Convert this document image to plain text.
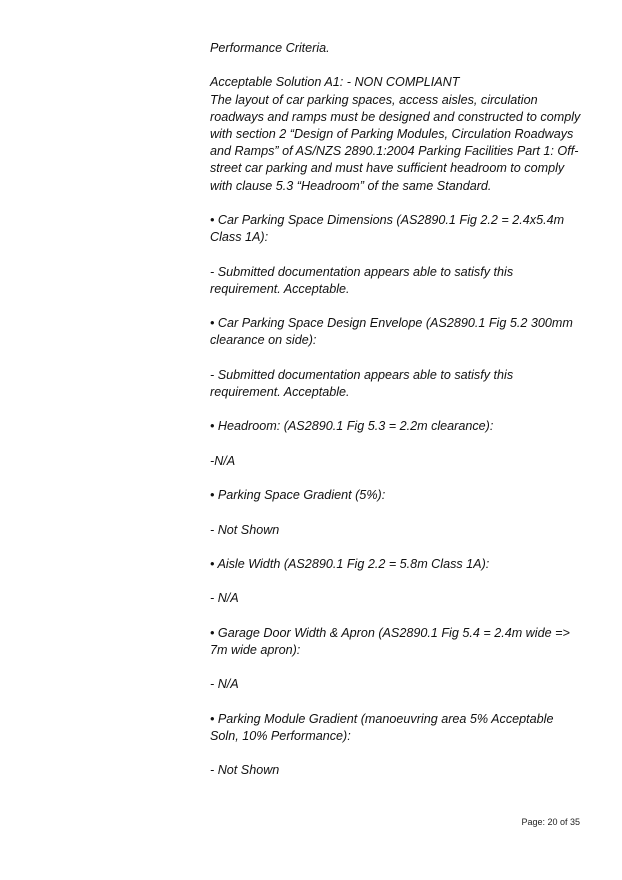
Performance Criteria.

Acceptable Solution A1: - NON COMPLIANT

The layout of car parking spaces, access aisles, circulation roadways and ramps must be designed and constructed to comply with section 2 “Design of Parking Modules, Circulation Roadways and Ramps” of AS/NZS 2890.1:2004 Parking Facilities Part 1: Off-street car parking and must have sufficient headroom to comply with clause 5.3 “Headroom” of the same Standard.

• Car Parking Space Dimensions (AS2890.1 Fig 2.2 = 2.4x5.4m Class 1A):

- Submitted documentation appears able to satisfy this requirement. Acceptable.

• Car Parking Space Design Envelope (AS2890.1 Fig 5.2 300mm clearance on side):

- Submitted documentation appears able to satisfy this requirement. Acceptable.

• Headroom: (AS2890.1 Fig 5.3 = 2.2m clearance):

-N/A

• Parking Space Gradient (5%):

- Not Shown

• Aisle Width (AS2890.1 Fig 2.2 = 5.8m Class 1A):

- N/A

• Garage Door Width & Apron (AS2890.1 Fig 5.4 = 2.4m wide => 7m wide apron):

- N/A

• Parking Module Gradient (manoeuvring area 5% Acceptable Soln, 10% Performance):

- Not Shown

Page: 20 of 35
